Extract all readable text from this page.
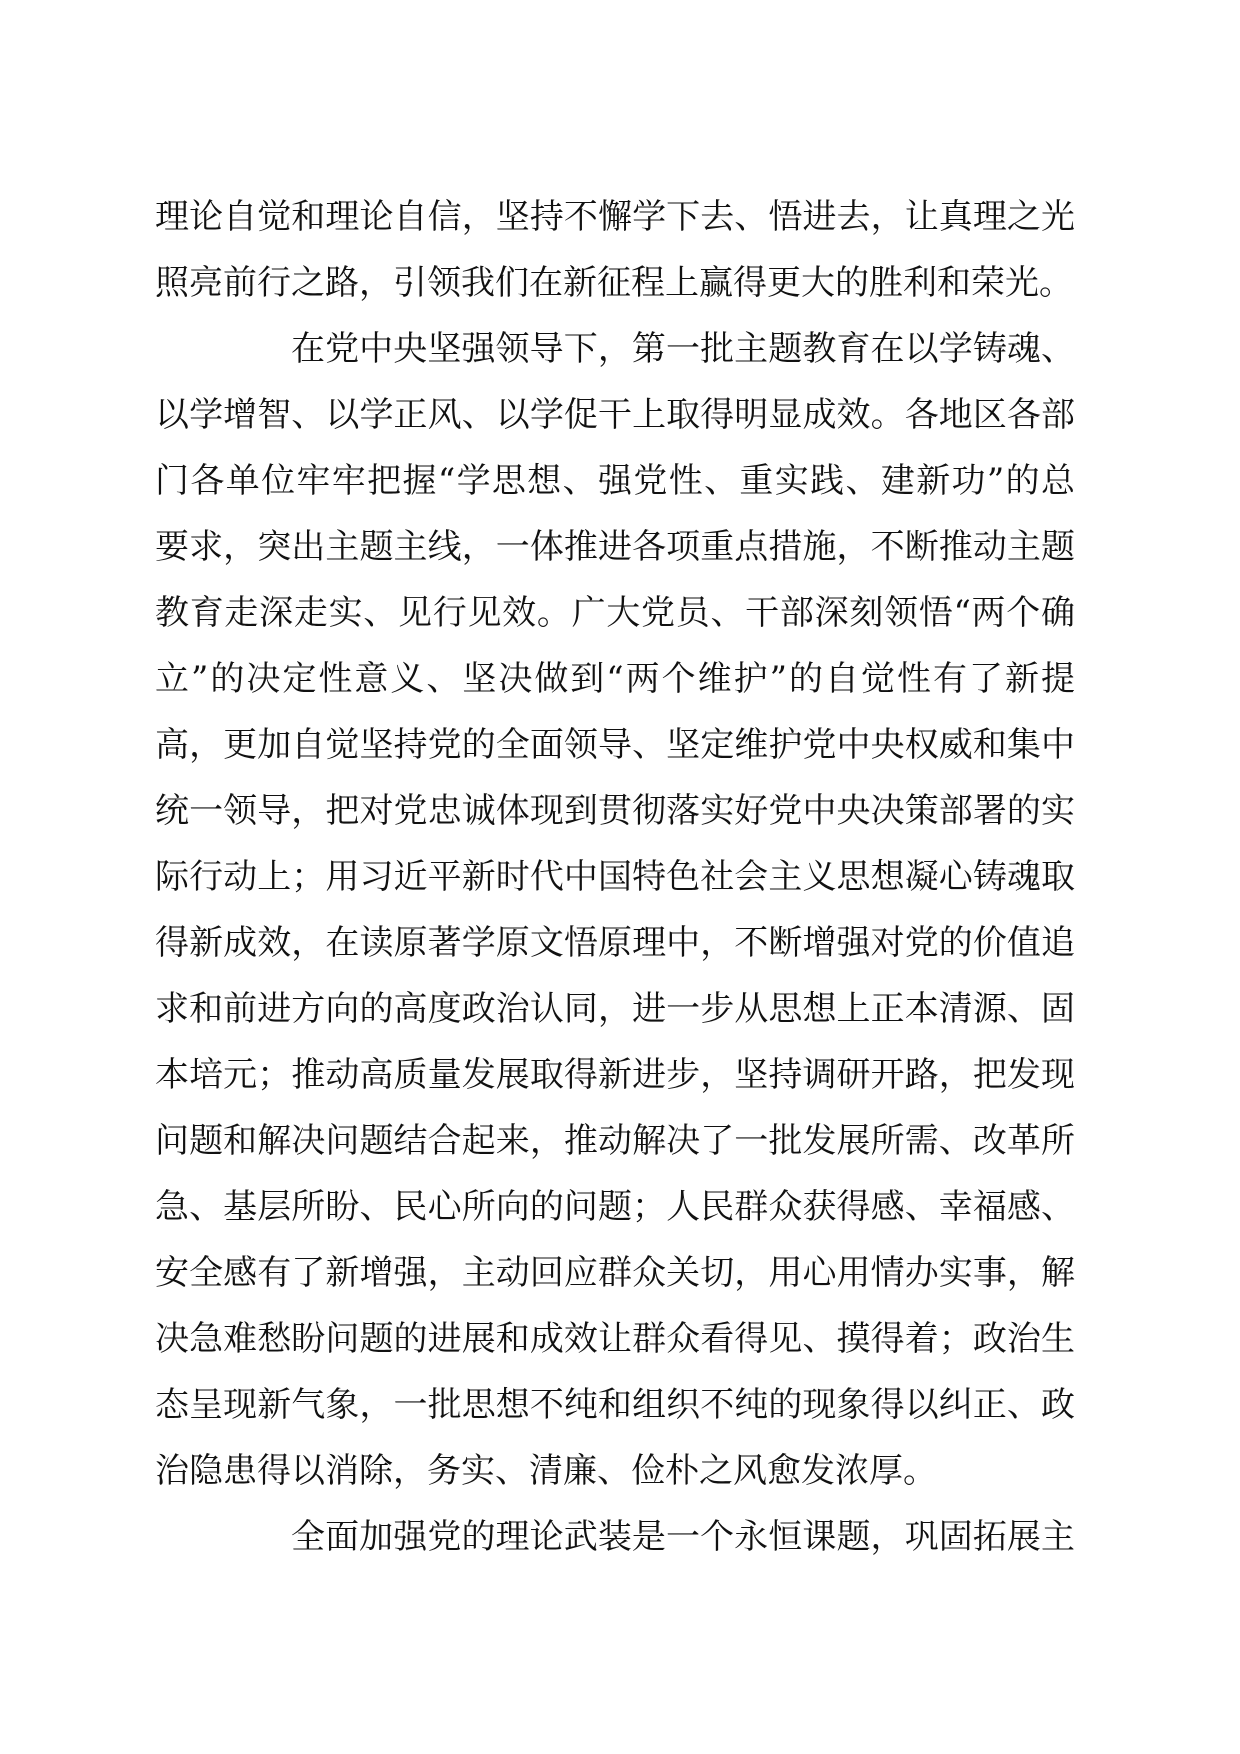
理论自觉和理论自信，坚持不懈学下去、悟进去，让真理之光
照亮前行之路，引领我们在新征程上赢得更大的胜利和荣光。
在党中央坚强领导下，第一批主题教育在以学铸魂、
以学增智、以学正风、以学促干上取得明显成效。各地区各部
门各单位牢牢把握“学思想、强党性、重实践、建新功”的总
要求，突出主题主线，一体推进各项重点措施，不断推动主题
教育走深走实、见行见效。广大党员、干部深刻领悟“两个确
立”的决定性意义、坚决做到“两个维护”的自觉性有了新提
高，更加自觉坚持党的全面领导、坚定维护党中央权威和集中
统一领导，把对党忠诚体现到贯彻落实好党中央决策部署的实
际行动上；用习近平新时代中国特色社会主义思想凝心铸魂取
得新成效，在读原著学原文悟原理中，不断增强对党的价值追
求和前进方向的高度政治认同，进一步从思想上正本清源、固
本培元；推动高质量发展取得新进步，坚持调研开路，把发现
问题和解决问题结合起来，推动解决了一批发展所需、改革所
急、基层所盼、民心所向的问题；人民群众获得感、幸福感、
安全感有了新增强，主动回应群众关切，用心用情办实事，解
决急难愁盼问题的进展和成效让群众看得见、摸得着；政治生
态呈现新气象，一批思想不纯和组织不纯的现象得以纠正、政
治隐患得以消除，务实、清廉、俭朴之风愈发浓厚。
全面加强党的理论武装是一个永恒课题，巩固拓展主
